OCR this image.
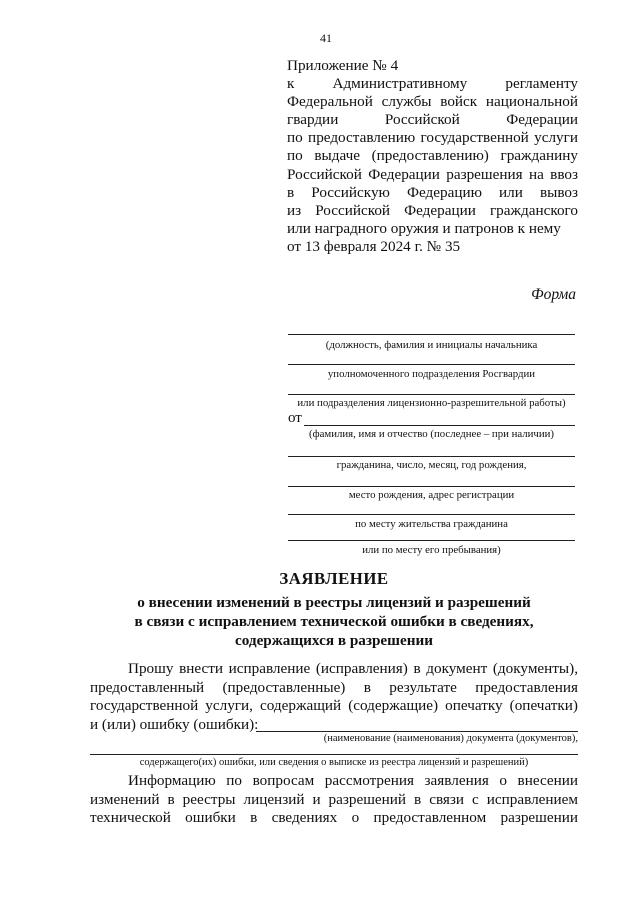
41
Приложение № 4
к Административному регламенту
Федеральной службы войск национальной
гвардии Российской Федерации
по предоставлению государственной услуги
по выдаче (предоставлению) гражданину
Российской Федерации разрешения на ввоз
в Российскую Федерацию или вывоз
из Российской Федерации гражданского
или наградного оружия и патронов к нему
от 13 февраля 2024 г. № 35
Форма
(должность, фамилия и инициалы начальника
уполномоченного подразделения Росгвардии
или подразделения лицензионно-разрешительной работы)
от
(фамилия, имя и отчество (последнее – при наличии)
гражданина, число, месяц, год рождения,
место рождения, адрес регистрации
по месту жительства гражданина
или по месту его пребывания)
ЗАЯВЛЕНИЕ
о внесении изменений в реестры лицензий и разрешений
в связи с исправлением технической ошибки в сведениях,
содержащихся в разрешении
Прошу внести исправление (исправления) в документ (документы),
предоставленный (предоставленные) в результате предоставления
государственной услуги, содержащий (содержащие) опечатку (опечатки)
и (или) ошибку (ошибки):
(наименование (наименования) документа (документов),
содержащего(их) ошибки, или сведения о выписке из реестра лицензий и разрешений)
Информацию по вопросам рассмотрения заявления о внесении
изменений в реестры лицензий и разрешений в связи с исправлением
технической ошибки в сведениях о предоставленном разрешении
